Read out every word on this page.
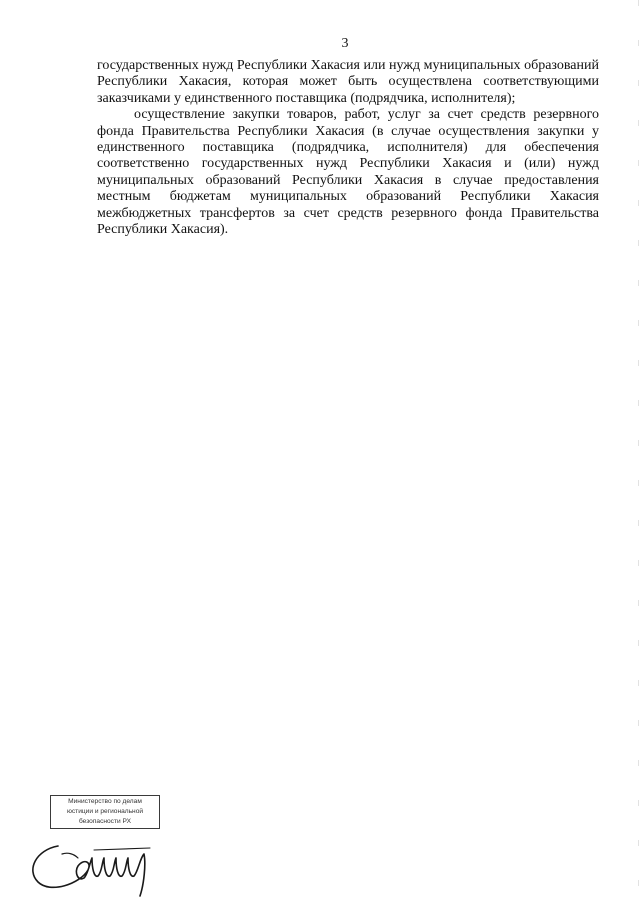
3

государственных нужд Республики Хакасия или нужд муниципальных образований Республики Хакасия, которая может быть осуществлена соответствующими заказчиками у единственного поставщика (подрядчика, исполнителя);

осуществление закупки товаров, работ, услуг за счет средств резервного фонда Правительства Республики Хакасия (в случае осуществления закупки у единственного поставщика (подрядчика, исполнителя) для обеспечения соответственно государственных нужд Республики Хакасия и (или) нужд муниципальных образований Республики Хакасия в случае предоставления местным бюджетам муниципальных образований Республики Хакасия межбюджетных трансфертов за счет средств резервного фонда Правительства Республики Хакасия).

Министерство по делам
юстиции и региональной
безопасности РХ
